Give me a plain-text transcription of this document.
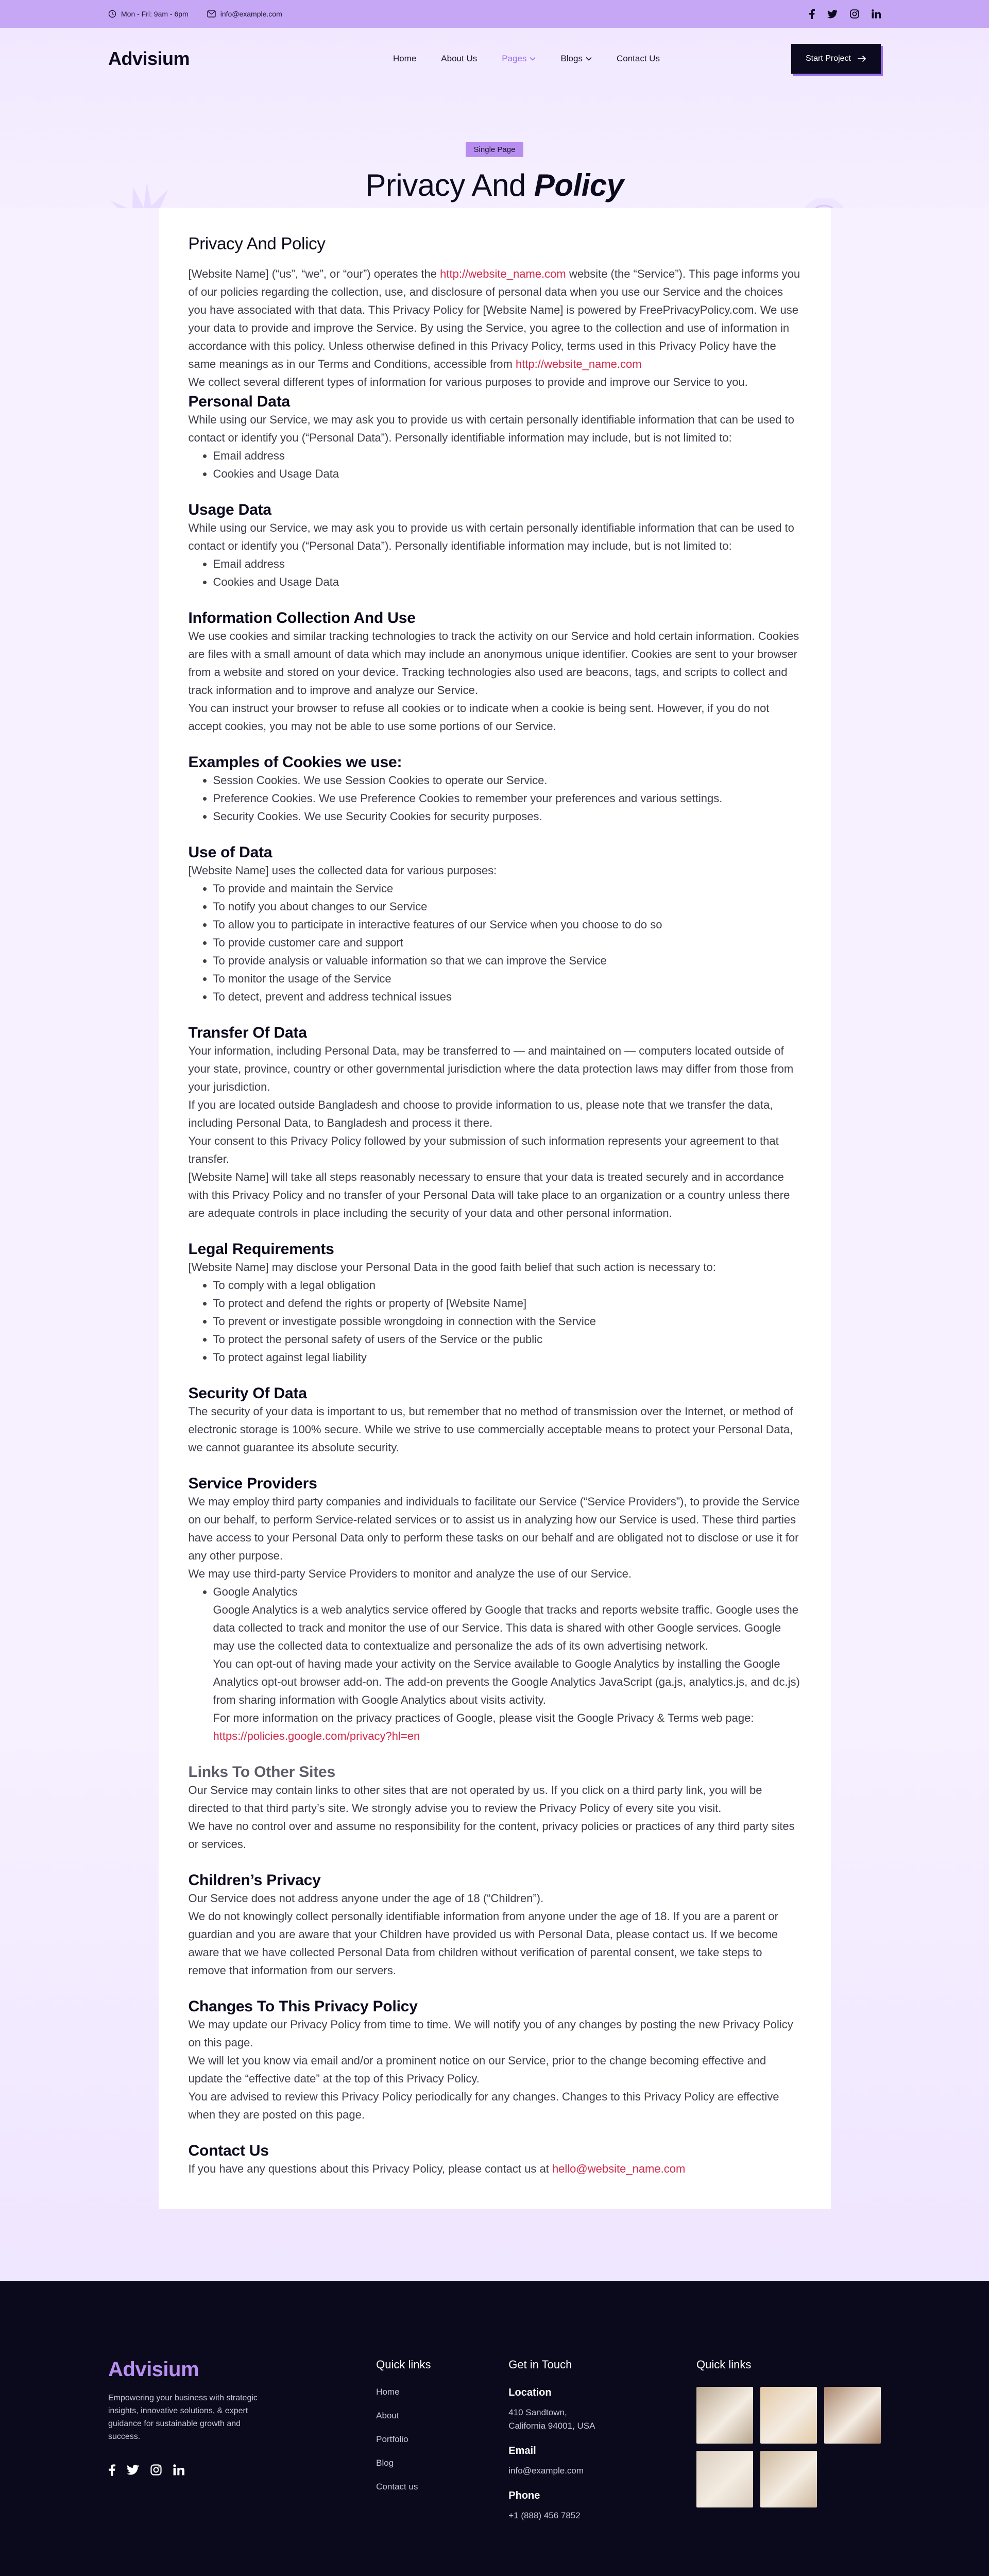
Mon - Fri: 9am - 6pm	info@example.com
Advisium	Home	About Us	Pages	Blogs	Contact Us	Start Project
Single Page
Privacy And Policy
Privacy And Policy

[Website Name] (“us”, “we”, or “our”) operates the http://website_name.com website (the “Service”). This page informs you of our policies regarding the collection, use, and disclosure of personal data when you use our Service and the choices you have associated with that data. This Privacy Policy for [Website Name] is powered by FreePrivacyPolicy.com. We use your data to provide and improve the Service. By using the Service, you agree to the collection and use of information in accordance with this policy. Unless otherwise defined in this Privacy Policy, terms used in this Privacy Policy have the same meanings as in our Terms and Conditions, accessible from http://website_name.com

We collect several different types of information for various purposes to provide and improve our Service to you.

Personal Data

While using our Service, we may ask you to provide us with certain personally identifiable information that can be used to contact or identify you (“Personal Data”). Personally identifiable information may include, but is not limited to:

• Email address
• Cookies and Usage Data
Usage Data

While using our Service, we may ask you to provide us with certain personally identifiable information that can be used to contact or identify you (“Personal Data”). Personally identifiable information may include, but is not limited to:

• Email address
• Cookies and Usage Data
Information Collection And Use

We use cookies and similar tracking technologies to track the activity on our Service and hold certain information. Cookies are files with a small amount of data which may include an anonymous unique identifier. Cookies are sent to your browser from a website and stored on your device. Tracking technologies also used are beacons, tags, and scripts to collect and track information and to improve and analyze our Service.

You can instruct your browser to refuse all cookies or to indicate when a cookie is being sent. However, if you do not accept cookies, you may not be able to use some portions of our Service.

Examples of Cookies we use:
• Session Cookies. We use Session Cookies to operate our Service.
• Preference Cookies. We use Preference Cookies to remember your preferences and various settings.
• Security Cookies. We use Security Cookies for security purposes.
Use of Data

[Website Name] uses the collected data for various purposes:

• To provide and maintain the Service
• To notify you about changes to our Service
• To allow you to participate in interactive features of our Service when you choose to do so
• To provide customer care and support
• To provide analysis or valuable information so that we can improve the Service
• To monitor the usage of the Service
• To detect, prevent and address technical issues
Transfer Of Data

Your information, including Personal Data, may be transferred to — and maintained on — computers located outside of your state, province, country or other governmental jurisdiction where the data protection laws may differ from those from your jurisdiction.

If you are located outside Bangladesh and choose to provide information to us, please note that we transfer the data, including Personal Data, to Bangladesh and process it there.

Your consent to this Privacy Policy followed by your submission of such information represents your agreement to that transfer.

[Website Name] will take all steps reasonably necessary to ensure that your data is treated securely and in accordance with this Privacy Policy and no transfer of your Personal Data will take place to an organization or a country unless there are adequate controls in place including the security of your data and other personal information.

Legal Requirements

[Website Name] may disclose your Personal Data in the good faith belief that such action is necessary to:

• To comply with a legal obligation
• To protect and defend the rights or property of [Website Name]
• To prevent or investigate possible wrongdoing in connection with the Service
• To protect the personal safety of users of the Service or the public
• To protect against legal liability
Security Of Data

The security of your data is important to us, but remember that no method of transmission over the Internet, or method of electronic storage is 100% secure. While we strive to use commercially acceptable means to protect your Personal Data, we cannot guarantee its absolute security.

Service Providers

We may employ third party companies and individuals to facilitate our Service (“Service Providers”), to provide the Service on our behalf, to perform Service-related services or to assist us in analyzing how our Service is used. These third parties have access to your Personal Data only to perform these tasks on our behalf and are obligated not to disclose or use it for any other purpose.

We may use third-party Service Providers to monitor and analyze the use of our Service.

• Google Analytics

Google Analytics is a web analytics service offered by Google that tracks and reports website traffic. Google uses the data collected to track and monitor the use of our Service. This data is shared with other Google services. Google may use the collected data to contextualize and personalize the ads of its own advertising network.

You can opt-out of having made your activity on the Service available to Google Analytics by installing the Google Analytics opt-out browser add-on. The add-on prevents the Google Analytics JavaScript (ga.js, analytics.js, and dc.js) from sharing information with Google Analytics about visits activity.

For more information on the privacy practices of Google, please visit the Google Privacy & Terms web page:

https://policies.google.com/privacy?hl=en

Links To Other Sites

Our Service may contain links to other sites that are not operated by us. If you click on a third party link, you will be directed to that third party’s site. We strongly advise you to review the Privacy Policy of every site you visit.

We have no control over and assume no responsibility for the content, privacy policies or practices of any third party sites or services.

Children’s Privacy

Our Service does not address anyone under the age of 18 (“Children”).

We do not knowingly collect personally identifiable information from anyone under the age of 18. If you are a parent or guardian and you are aware that your Children have provided us with Personal Data, please contact us. If we become aware that we have collected Personal Data from children without verification of parental consent, we take steps to remove that information from our servers.

Changes To This Privacy Policy

We may update our Privacy Policy from time to time. We will notify you of any changes by posting the new Privacy Policy on this page.

We will let you know via email and/or a prominent notice on our Service, prior to the change becoming effective and update the “effective date” at the top of this Privacy Policy.

You are advised to review this Privacy Policy periodically for any changes. Changes to this Privacy Policy are effective when they are posted on this page.

Contact Us

If you have any questions about this Privacy Policy, please contact us at hello@website_name.com

Advisium
Empowering your business with strategic insights, innovative solutions, & expert guidance for sustainable growth and success.
Quick links
Home
About
Portfolio
Blog
Contact us
Get in Touch
Location
410 Sandtown,
California 94001, USA
Email
info@example.com
Phone
+1 (888) 456 7852
Quick links
